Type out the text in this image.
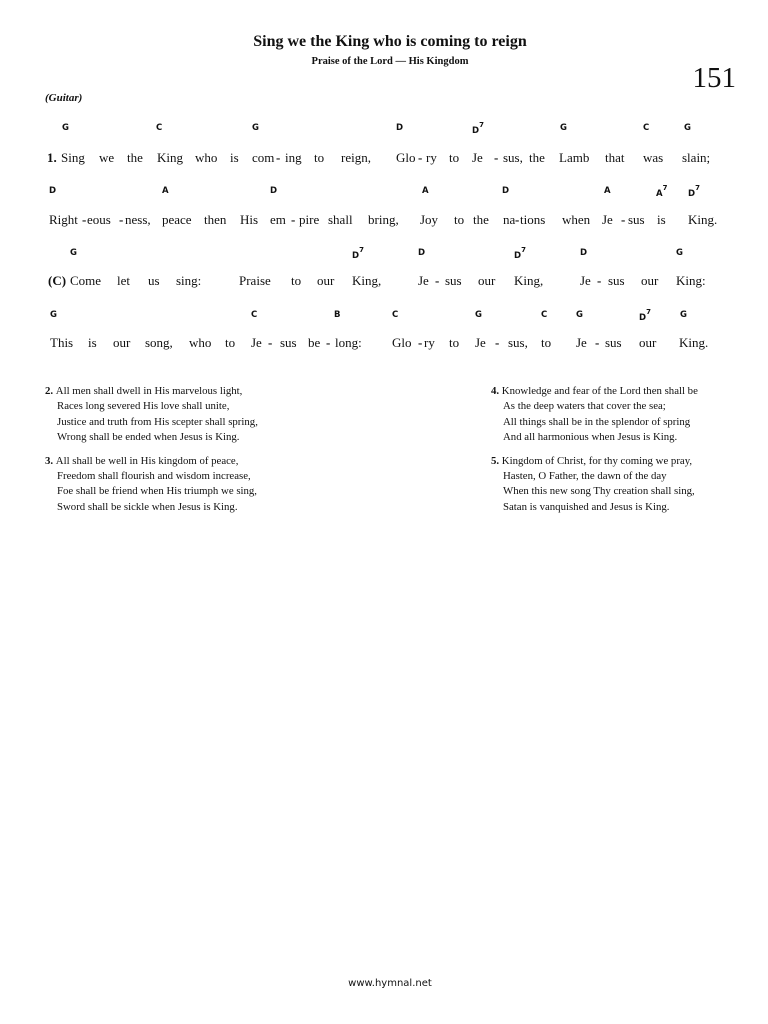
Sing we the King who is coming to reign
Praise of the Lord — His Kingdom
151
(Guitar)
G	C	G	D	$D^7$	G	C	G
1. Sing we the King who is com ing to reign, Glo ry to Je sus, the Lamb that was slain;
-	-	-
D	A	D	A	D	A	$A^7$
$D^7$
Right eous ness, peace then His em pire shall bring, Joy to the na tions when Je sus is King.
-	-	-	-	-
G	$D^7$	D	$D^7$	D	G
(C) Come let us sing:	Praise to our King,	Je sus our King,	Je sus our King:
-	-
G	C	B	C	G	C	G	$D^7$	G
This is our song, who to Je sus be long: Glo ry to Je sus, to Je sus our King.
-	-	-	-	-
2. All men shall dwell in His marvelous light,
Races long severed His love shall unite,
Justice and truth from His scepter shall spring,
Wrong shall be ended when Jesus is King.
3. All shall be well in His kingdom of peace,
Freedom shall flourish and wisdom increase,
Foe shall be friend when His triumph we sing,
Sword shall be sickle when Jesus is King.
4. Knowledge and fear of the Lord then shall be
As the deep waters that cover the sea;
All things shall be in the splendor of spring
And all harmonious when Jesus is King.
5. Kingdom of Christ, for thy coming we pray,
Hasten, O Father, the dawn of the day
When this new song Thy creation shall sing,
Satan is vanquished and Jesus is King.
www.hymnal.net
